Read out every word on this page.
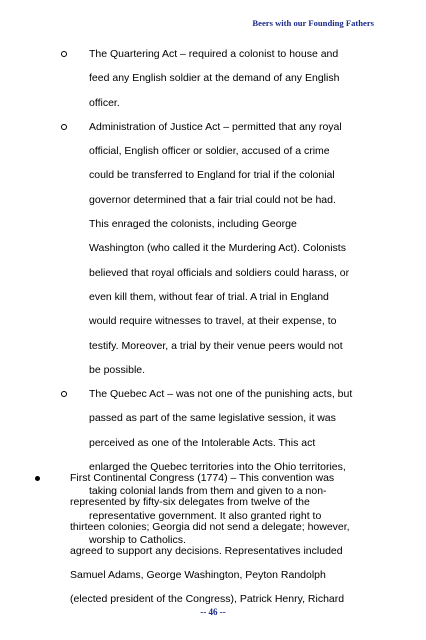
Beers with our Founding Fathers
The Quartering Act – required a colonist to house and
feed any English soldier at the demand of any English
officer.
Administration of Justice Act – permitted that any royal
official, English officer or soldier, accused of a crime
could be transferred to England for trial if the colonial
governor determined that a fair trial could not be had.
This enraged the colonists, including George
Washington (who called it the Murdering Act). Colonists
believed that royal officials and soldiers could harass, or
even kill them, without fear of trial. A trial in England
would require witnesses to travel, at their expense, to
testify. Moreover, a trial by their venue peers would not
be possible.
The Quebec Act – was not one of the punishing acts, but
passed as part of the same legislative session, it was
perceived as one of the Intolerable Acts. This act
enlarged the Quebec territories into the Ohio territories,
taking colonial lands from them and given to a non-
representative government. It also granted right to
worship to Catholics.
First Continental Congress (1774) – This convention was
represented by fifty-six delegates from twelve of the
thirteen colonies; Georgia did not send a delegate; however,
agreed to support any decisions. Representatives included
Samuel Adams, George Washington, Peyton Randolph
(elected president of the Congress), Patrick Henry, Richard
-- 46 --
